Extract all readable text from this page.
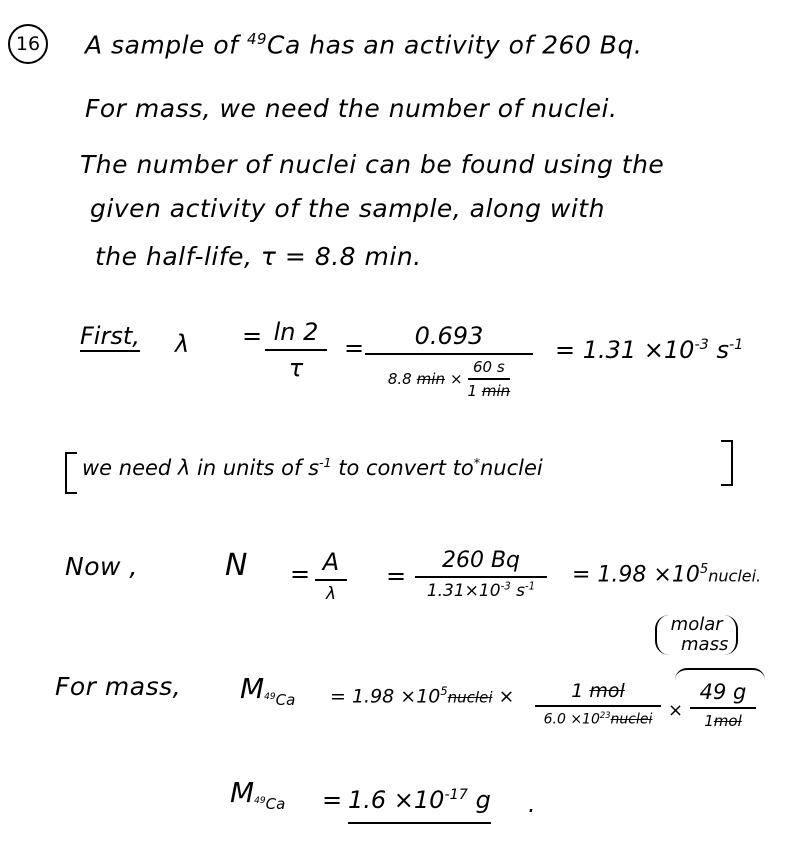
16 A sample of $^{49}$Ca has an activity of 260 Bq.
For mass, we need the number of nuclei.
The number of nuclei can be found using the
given activity of the sample, along with
the half-life, τ = 8.8 min.
First, λ = ln 2
τ
= 0.693
8.8 min ×
60 s
1 min
= $1.31 \times 10^{-3}$ $s^{-1}$
we need λ in units of $s^{-1}$ to convert to*nuclei
Now ,	N = A
λ
=
260 Bq
$1.31\times 10^{-3}$ $s^{-1} = 1.98$ $\times 10^5nuclei$.
molar
mass
For mass, $M_{^{49}Ca} = 1.98$ $\times 10^5nuclei$ ×	1 mol
$6.0 \times 10^{23}nuclei$ ×
49 g
1mol
$M_{^{49}Ca} = 1.6 \times 10^{-17}$ g .
